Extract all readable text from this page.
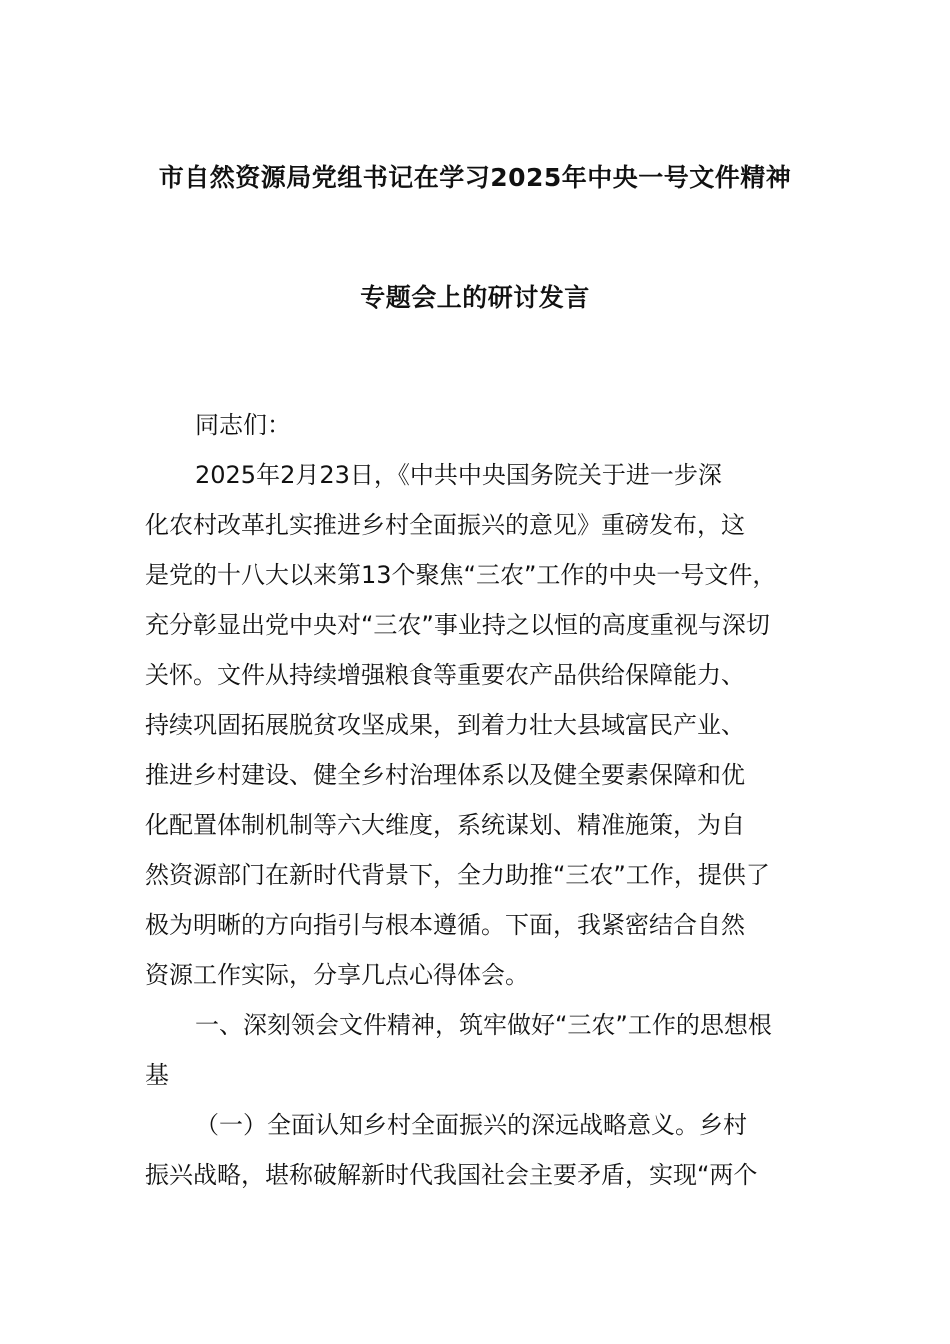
市自然资源局党组书记在学习2025年中央一号文件精神
专题会上的研讨发言
同志们：
2025年2月23日，《中共中央国务院关于进一步深
化农村改革扎实推进乡村全面振兴的意见》重磅发布，这
是党的十八大以来第13个聚焦“三农”工作的中央一号文件，
充分彰显出党中央对“三农”事业持之以恒的高度重视与深切
关怀。文件从持续增强粮食等重要农产品供给保障能力、
持续巩固拓展脱贫攻坚成果，到着力壮大县域富民产业、
推进乡村建设、健全乡村治理体系以及健全要素保障和优
化配置体制机制等六大维度，系统谋划、精准施策，为自
然资源部门在新时代背景下，全力助推“三农”工作，提供了
极为明晰的方向指引与根本遵循。下面，我紧密结合自然
资源工作实际，分享几点心得体会。
一、深刻领会文件精神，筑牢做好“三农”工作的思想根
基
（一）全面认知乡村全面振兴的深远战略意义。乡村
振兴战略，堪称破解新时代我国社会主要矛盾，实现“两个
